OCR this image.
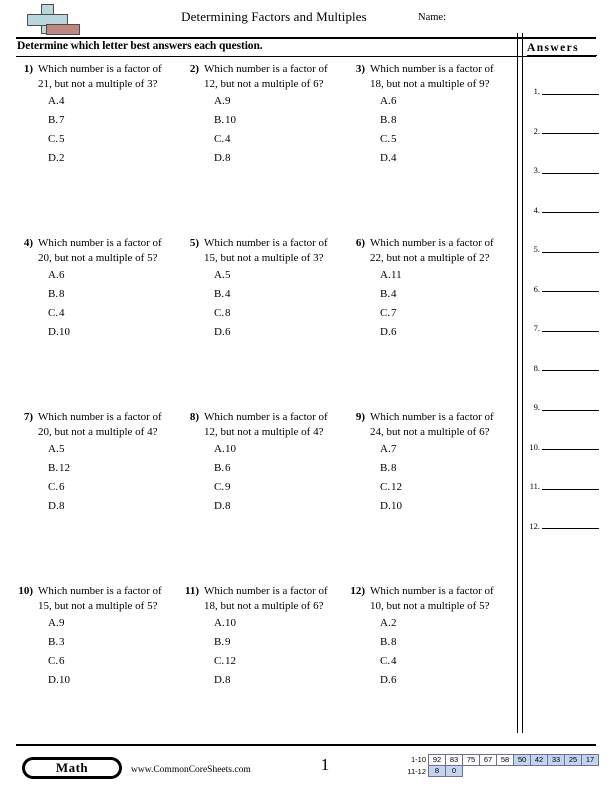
Determining Factors and Multiples	Name:
Determine which letter best answers each question.	Answers
1.
2.
3.
4.
5.
6.
7.
8.
9.
10.
11.
12.
1) Which number is a factor of 21, but not a multiple of 3?
A. 4
B. 7
C. 5
D. 2
2) Which number is a factor of 12, but not a multiple of 6?
A. 9
B. 10
C. 4
D. 8
3) Which number is a factor of 18, but not a multiple of 9?
A. 6
B. 8
C. 5
D. 4
4) Which number is a factor of 20, but not a multiple of 5?
A. 6
B. 8
C. 4
D. 10
5) Which number is a factor of 15, but not a multiple of 3?
A. 5
B. 4
C. 8
D. 6
6) Which number is a factor of 22, but not a multiple of 2?
A. 11
B. 4
C. 7
D. 6
7) Which number is a factor of 20, but not a multiple of 4?
A. 5
B. 12
C. 6
D. 8
8) Which number is a factor of 12, but not a multiple of 4?
A. 10
B. 6
C. 9
D. 8
9) Which number is a factor of 24, but not a multiple of 6?
A. 7
B. 8
C. 12
D. 10
10) Which number is a factor of 15, but not a multiple of 5?
A. 9
B. 3
C. 6
D. 10
11) Which number is a factor of 18, but not a multiple of 6?
A. 10
B. 9
C. 12
D. 8
12) Which number is a factor of 10, but not a multiple of 5?
A. 2
B. 8
C. 4
D. 6
Math	www.CommonCoreSheets.com	1	1-10 92	83	75	67	58	50	42	33	25	17
11-12	8	0
